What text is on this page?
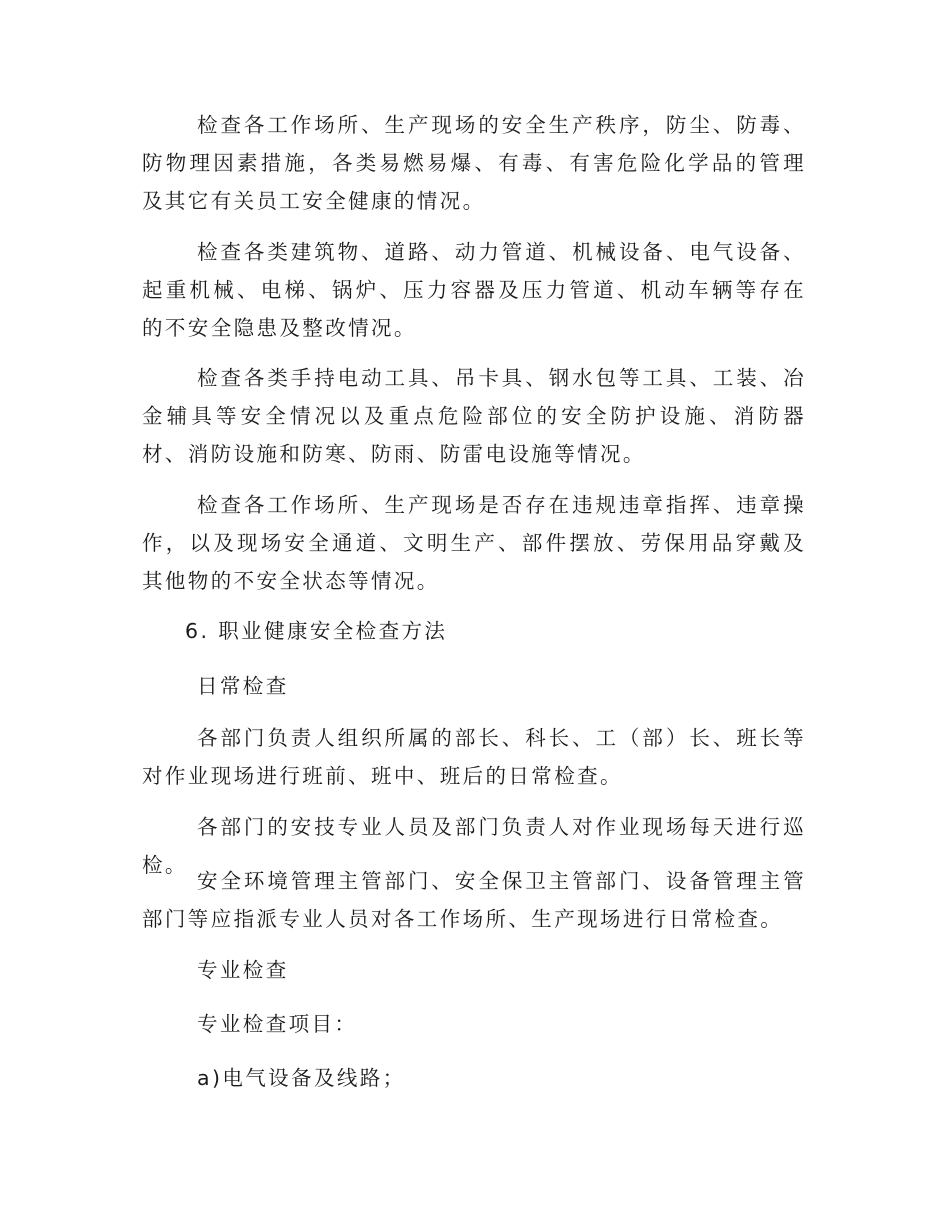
检查各工作场所、生产现场的安全生产秩序，防尘、防毒、防物理因素措施，各类易燃易爆、有毒、有害危险化学品的管理及其它有关员工安全健康的情况。

检查各类建筑物、道路、动力管道、机械设备、电气设备、起重机械、电梯、锅炉、压力容器及压力管道、机动车辆等存在的不安全隐患及整改情况。

检查各类手持电动工具、吊卡具、钢水包等工具、工装、冶金辅具等安全情况以及重点危险部位的安全防护设施、消防器材、消防设施和防寒、防雨、防雷电设施等情况。

检查各工作场所、生产现场是否存在违规违章指挥、违章操作，以及现场安全通道、文明生产、部件摆放、劳保用品穿戴及其他物的不安全状态等情况。

6. 职业健康安全检查方法

日常检查

各部门负责人组织所属的部长、科长、工（部）长、班长等对作业现场进行班前、班中、班后的日常检查。

各部门的安技专业人员及部门负责人对作业现场每天进行巡检。

安全环境管理主管部门、安全保卫主管部门、设备管理主管部门等应指派专业人员对各工作场所、生产现场进行日常检查。

专业检查

专业检查项目：

a)电气设备及线路；
